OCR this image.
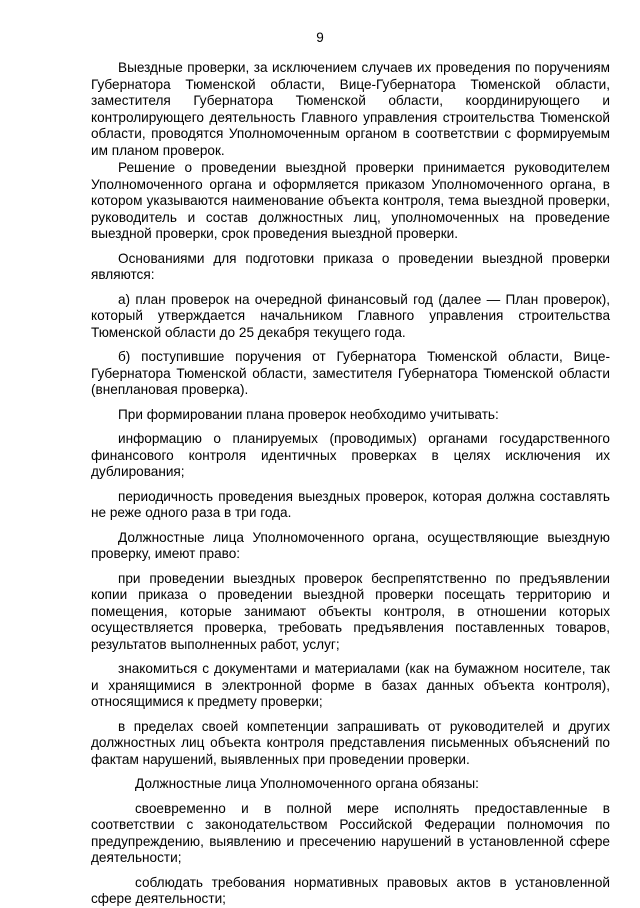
9

Выездные проверки, за исключением случаев их проведения по поручениям Губернатора Тюменской области, Вице-Губернатора Тюменской области, заместителя Губернатора Тюменской области, координирующего и контролирующего деятельность Главного управления строительства Тюменской области, проводятся Уполномоченным органом в соответствии с формируемым им планом проверок.

Решение о проведении выездной проверки принимается руководителем Уполномоченного органа и оформляется приказом Уполномоченного органа, в котором указываются наименование объекта контроля, тема выездной проверки, руководитель и состав должностных лиц, уполномоченных на проведение выездной проверки, срок проведения выездной проверки.

Основаниями для подготовки приказа о проведении выездной проверки являются:

а) план проверок на очередной финансовый год (далее — План проверок), который утверждается начальником Главного управления строительства Тюменской области до 25 декабря текущего года.

б) поступившие поручения от Губернатора Тюменской области, Вице-Губернатора Тюменской области, заместителя Губернатора Тюменской области (внеплановая проверка).

При формировании плана проверок необходимо учитывать:

информацию о планируемых (проводимых) органами государственного финансового контроля идентичных проверках в целях исключения их дублирования;

периодичность проведения выездных проверок, которая должна составлять не реже одного раза в три года.

Должностные лица Уполномоченного органа, осуществляющие выездную проверку, имеют право:

при проведении выездных проверок беспрепятственно по предъявлении копии приказа о проведении выездной проверки посещать территорию и помещения, которые занимают объекты контроля, в отношении которых осуществляется проверка, требовать предъявления поставленных товаров, результатов выполненных работ, услуг;

знакомиться с документами и материалами (как на бумажном носителе, так и хранящимися в электронной форме в базах данных объекта контроля), относящимися к предмету проверки;

в пределах своей компетенции запрашивать от руководителей и других должностных лиц объекта контроля представления письменных объяснений по фактам нарушений, выявленных при проведении проверки.

Должностные лица Уполномоченного органа обязаны:

своевременно и в полной мере исполнять предоставленные в соответствии с законодательством Российской Федерации полномочия по предупреждению, выявлению и пресечению нарушений в установленной сфере деятельности;

соблюдать требования нормативных правовых актов в установленной сфере деятельности;
